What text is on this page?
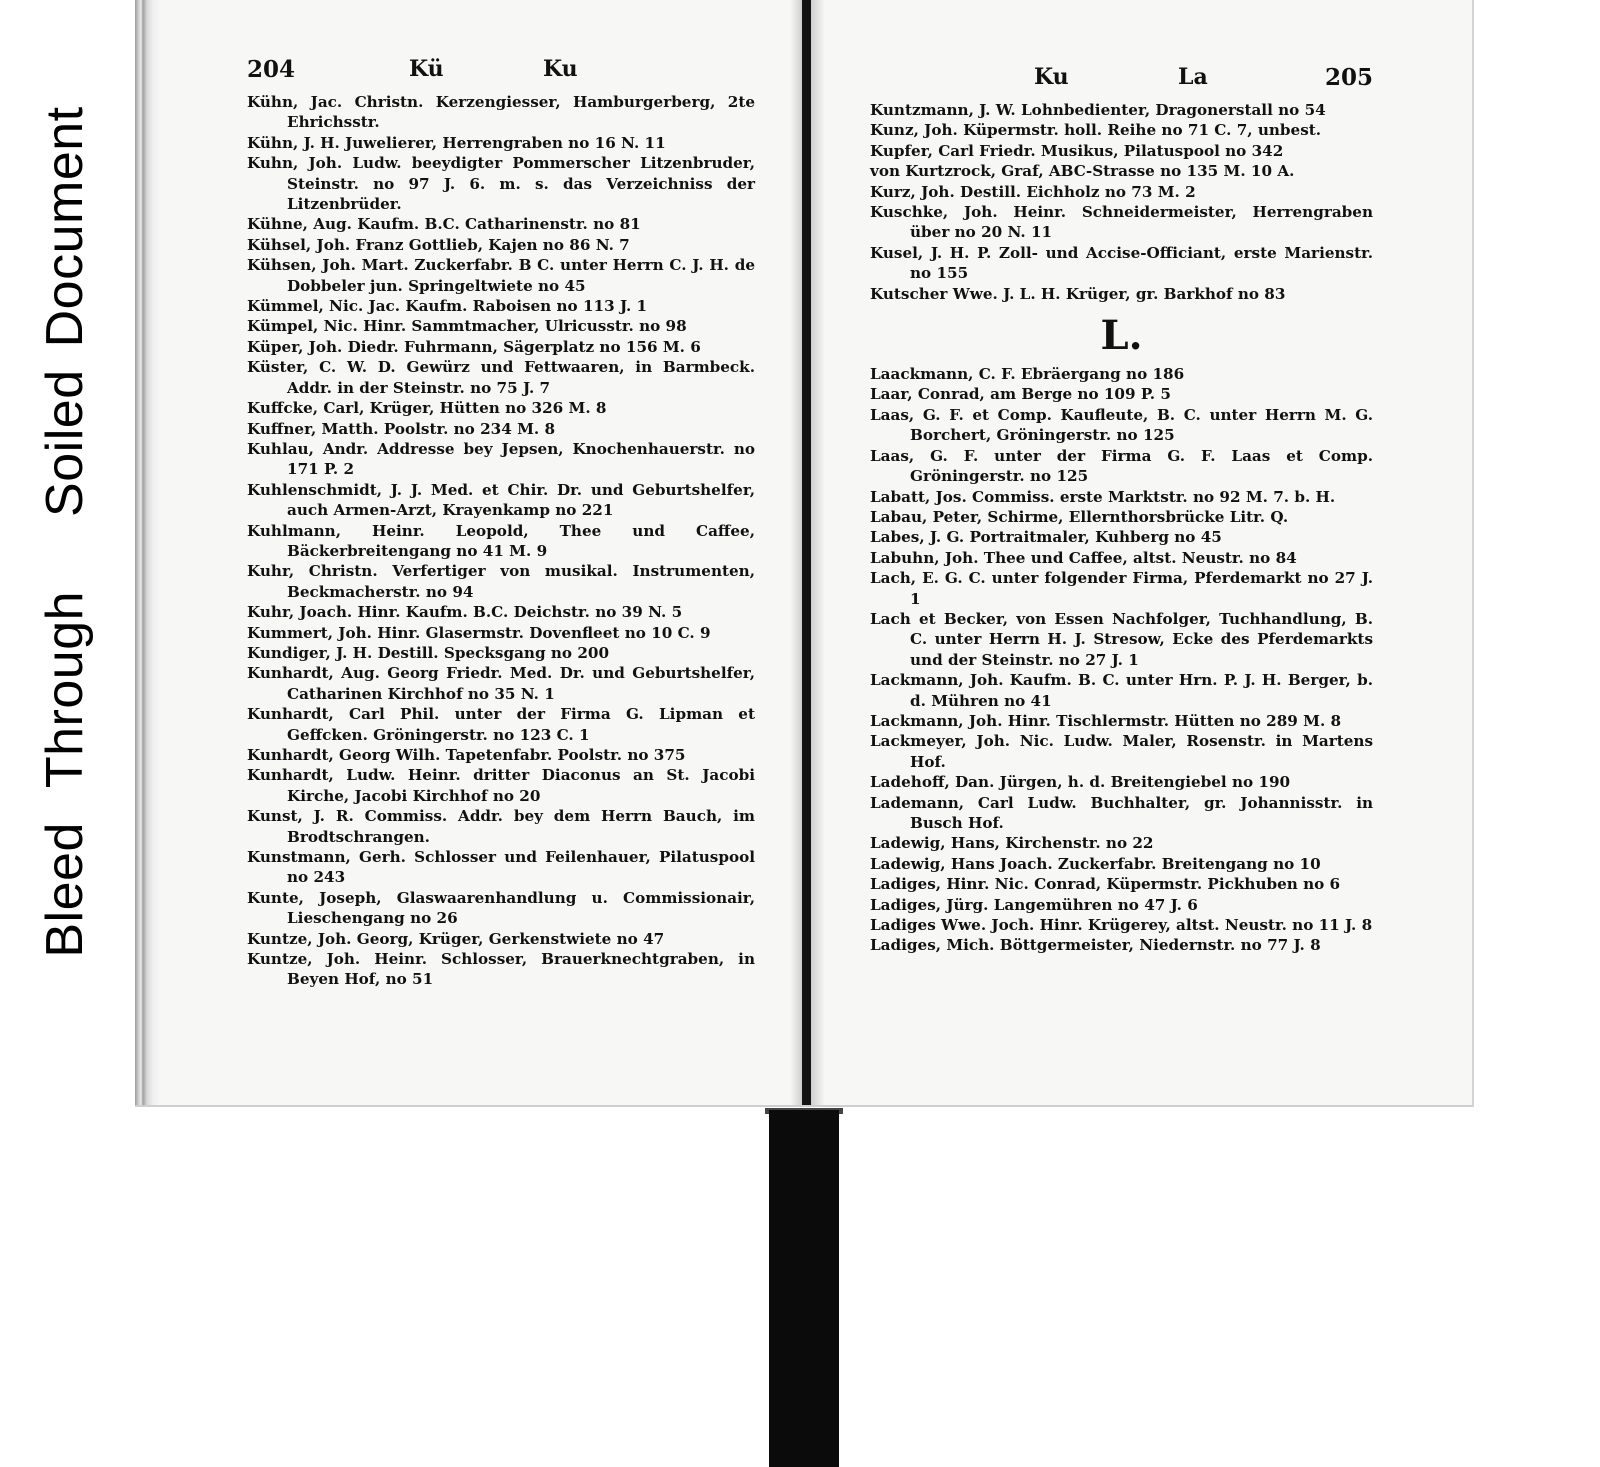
BleedThroughSoiledDocument
204	Kü	Ku
Kühn, Jac. Christn. Kerzengiesser, Hamburgerberg, 2te Ehrichsstr.
Kühn, J. H. Juwelierer, Herrengraben no 16 N. 11
Kuhn, Joh. Ludw. beeydigter Pommerscher Litzenbruder, Steinstr. no 97 J. 6. m. s. das Verzeichniss der Litzenbrüder.
Kühne, Aug. Kaufm. B.C. Catharinenstr. no 81
Kühsel, Joh. Franz Gottlieb, Kajen no 86 N. 7
Kühsen, Joh. Mart. Zuckerfabr. B C. unter Herrn C. J. H. de Dobbeler jun. Springeltwiete no 45
Kümmel, Nic. Jac. Kaufm. Raboisen no 113 J. 1
Kümpel, Nic. Hinr. Sammtmacher, Ulricusstr. no 98
Küper, Joh. Diedr. Fuhrmann, Sägerplatz no 156 M. 6
Küster, C. W. D. Gewürz und Fettwaaren, in Barmbeck. Addr. in der Steinstr. no 75 J. 7
Kuffcke, Carl, Krüger, Hütten no 326 M. 8
Kuffner, Matth. Poolstr. no 234 M. 8
Kuhlau, Andr. Addresse bey Jepsen, Knochenhauerstr. no 171 P. 2
Kuhlenschmidt, J. J. Med. et Chir. Dr. und Geburtshelfer, auch Armen-Arzt, Krayenkamp no 221
Kuhlmann, Heinr. Leopold, Thee und Caffee, Bäckerbreitengang no 41 M. 9
Kuhr, Christn. Verfertiger von musikal. Instrumenten, Beckmacherstr. no 94
Kuhr, Joach. Hinr. Kaufm. B.C. Deichstr. no 39 N. 5
Kummert, Joh. Hinr. Glasermstr. Dovenfleet no 10 C. 9
Kundiger, J. H. Destill. Specksgang no 200
Kunhardt, Aug. Georg Friedr. Med. Dr. und Geburtshelfer, Catharinen Kirchhof no 35 N. 1
Kunhardt, Carl Phil. unter der Firma G. Lipman et Geffcken. Gröningerstr. no 123 C. 1
Kunhardt, Georg Wilh. Tapetenfabr. Poolstr. no 375
Kunhardt, Ludw. Heinr. dritter Diaconus an St. Jacobi Kirche, Jacobi Kirchhof no 20
Kunst, J. R. Commiss. Addr. bey dem Herrn Bauch, im Brodtschrangen.
Kunstmann, Gerh. Schlosser und Feilenhauer, Pilatuspool no 243
Kunte, Joseph, Glaswaarenhandlung u. Commissionair, Lieschengang no 26
Kuntze, Joh. Georg, Krüger, Gerkenstwiete no 47
Kuntze, Joh. Heinr. Schlosser, Brauerknechtgraben, in Beyen Hof, no 51
Ku	La	205
Kuntzmann, J. W. Lohnbedienter, Dragonerstall no 54
Kunz, Joh. Küpermstr. holl. Reihe no 71 C. 7, unbest.
Kupfer, Carl Friedr. Musikus, Pilatuspool no 342
von Kurtzrock, Graf, ABC-Strasse no 135 M. 10 A.
Kurz, Joh. Destill. Eichholz no 73 M. 2
Kuschke, Joh. Heinr. Schneidermeister, Herrengraben über no 20 N. 11
Kusel, J. H. P. Zoll- und Accise-Officiant, erste Marienstr. no 155
Kutscher Wwe. J. L. H. Krüger, gr. Barkhof no 83
L.
Laackmann, C. F. Ebräergang no 186
Laar, Conrad, am Berge no 109 P. 5
Laas, G. F. et Comp. Kaufleute, B. C. unter Herrn M. G. Borchert, Gröningerstr. no 125
Laas, G. F. unter der Firma G. F. Laas et Comp. Gröningerstr. no 125
Labatt, Jos. Commiss. erste Marktstr. no 92 M. 7. b. H.
Labau, Peter, Schirme, Ellernthorsbrücke Litr. Q.
Labes, J. G. Portraitmaler, Kuhberg no 45
Labuhn, Joh. Thee und Caffee, altst. Neustr. no 84
Lach, E. G. C. unter folgender Firma, Pferdemarkt no 27 J. 1
Lach et Becker, von Essen Nachfolger, Tuchhandlung, B. C. unter Herrn H. J. Stresow, Ecke des Pferdemarkts und der Steinstr. no 27 J. 1
Lackmann, Joh. Kaufm. B. C. unter Hrn. P. J. H. Berger, b. d. Mühren no 41
Lackmann, Joh. Hinr. Tischlermstr. Hütten no 289 M. 8
Lackmeyer, Joh. Nic. Ludw. Maler, Rosenstr. in Martens Hof.
Ladehoff, Dan. Jürgen, h. d. Breitengiebel no 190
Lademann, Carl Ludw. Buchhalter, gr. Johannisstr. in Busch Hof.
Ladewig, Hans, Kirchenstr. no 22
Ladewig, Hans Joach. Zuckerfabr. Breitengang no 10
Ladiges, Hinr. Nic. Conrad, Küpermstr. Pickhuben no 6
Ladiges, Jürg. Langemühren no 47 J. 6
Ladiges Wwe. Joch. Hinr. Krügerey, altst. Neustr. no 11 J. 8
Ladiges, Mich. Böttgermeister, Niedernstr. no 77 J. 8
